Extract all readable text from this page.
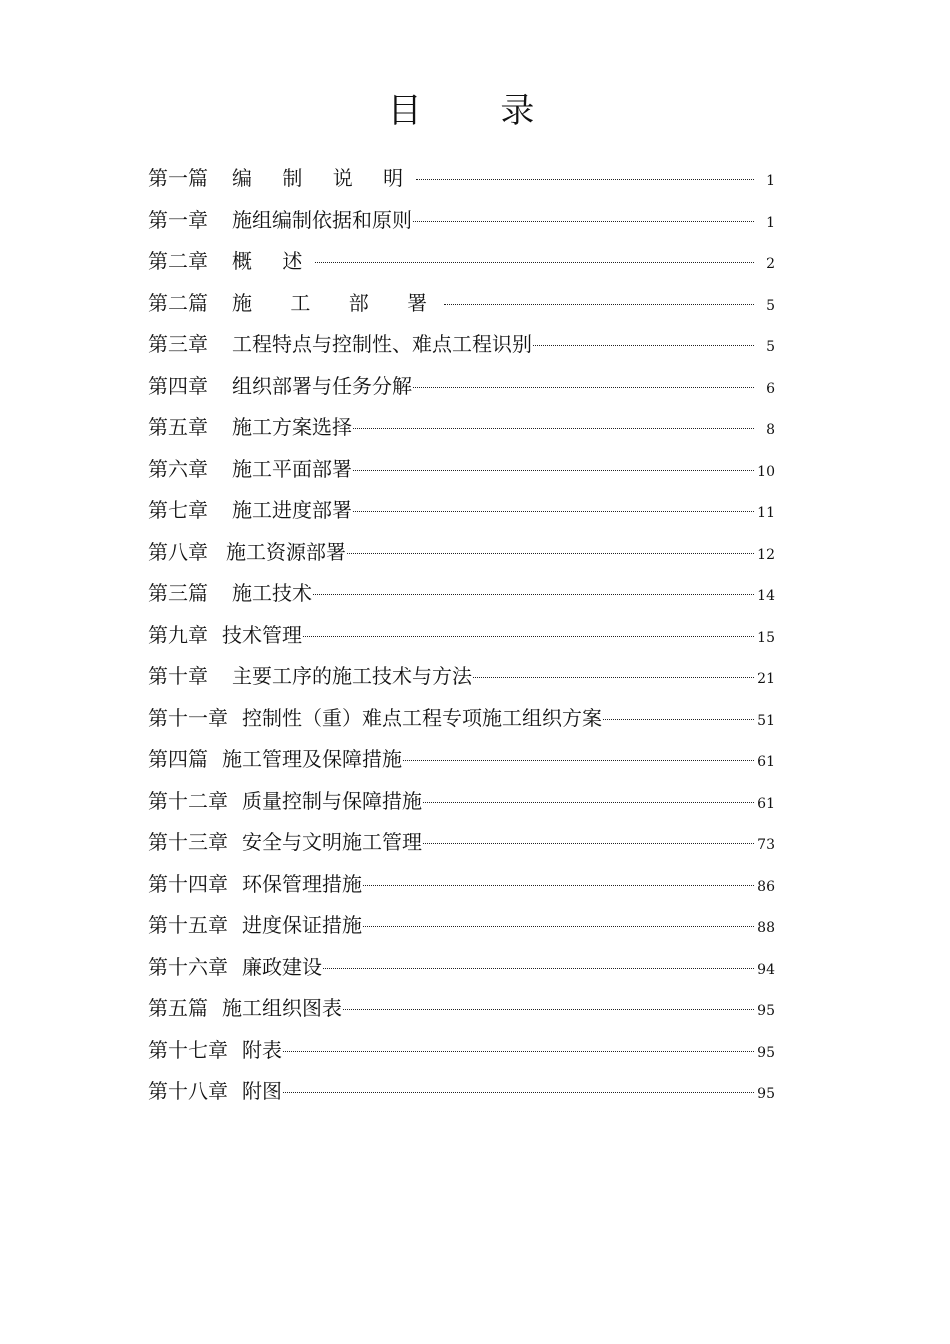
目 录
第一篇 编 制 说 明	1
第一章 施组编制依据和原则	1
第二章 概 述	2
第二篇 施 工 部 署	5
第三章 工程特点与控制性、难点工程识别	5
第四章 组织部署与任务分解	6
第五章 施工方案选择	8
第六章 施工平面部署	10
第七章 施工进度部署	11
第八章 施工资源部署	12
第三篇 施工技术	14
第九章 技术管理	15
第十章 主要工序的施工技术与方法	21
第十一章 控制性（重）难点工程专项施工组织方案	51
第四篇 施工管理及保障措施	61
第十二章 质量控制与保障措施	61
第十三章 安全与文明施工管理	73
第十四章 环保管理措施	86
第十五章 进度保证措施	88
第十六章 廉政建设	94
第五篇 施工组织图表	95
第十七章 附表	95
第十八章 附图	95
